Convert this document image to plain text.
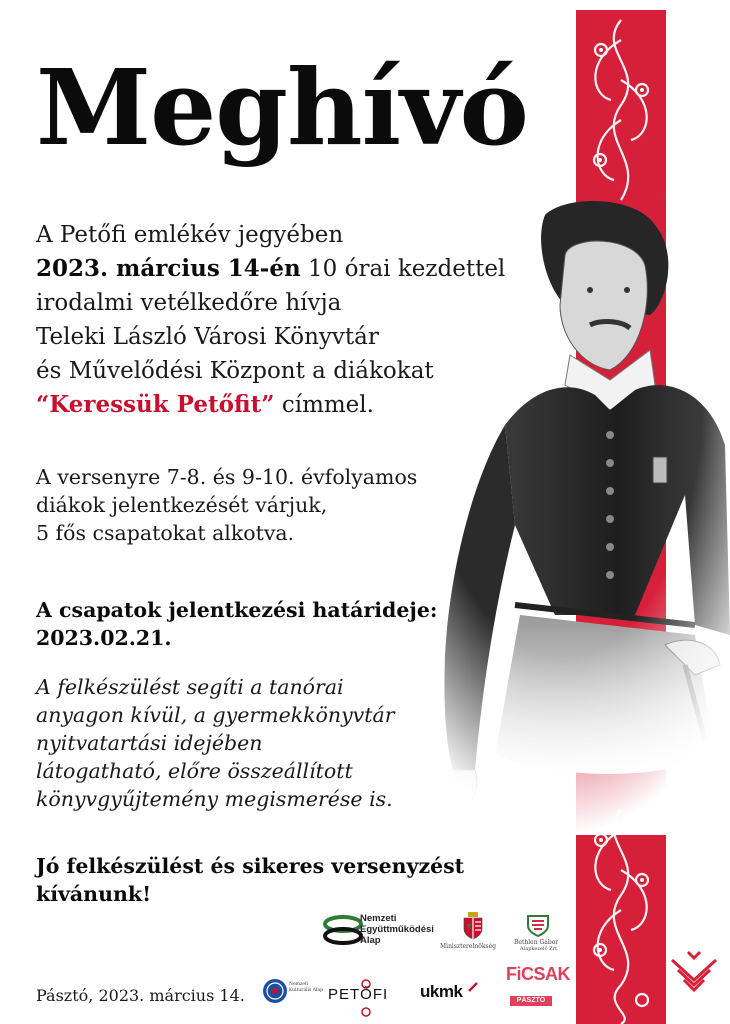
Meghívó
A Petőfi emlékév jegyében
2023. március 14-én 10 órai kezdettel
irodalmi vetélkedőre hívja
Teleki László Városi Könyvtár
és Művelődési Központ a diákokat
“Keressük Petőfit” címmel.
A versenyre 7-8. és 9-10. évfolyamos
diákok jelentkezését várjuk,
5 fős csapatokat alkotva.
A csapatok jelentkezési határideje:
2023.02.21.
A felkészülést segíti a tanórai
anyagon kívül, a gyermekkönyvtár
nyitvatartási idejében
látogatható, előre összeállított
könyvgyűjtemény megismerése is.
Jó felkészülést és sikeres versenyzést
kívánunk!
Pásztó, 2023. március 14.
Nemzeti
Együttműködési
Alap
Miniszterelnökség
Bethlen Gábor
Alapkezelő Zrt.
Nemzeti Kulturális Alap PETŐFI ukmk
FiCSAK
PÁSZTÓ
